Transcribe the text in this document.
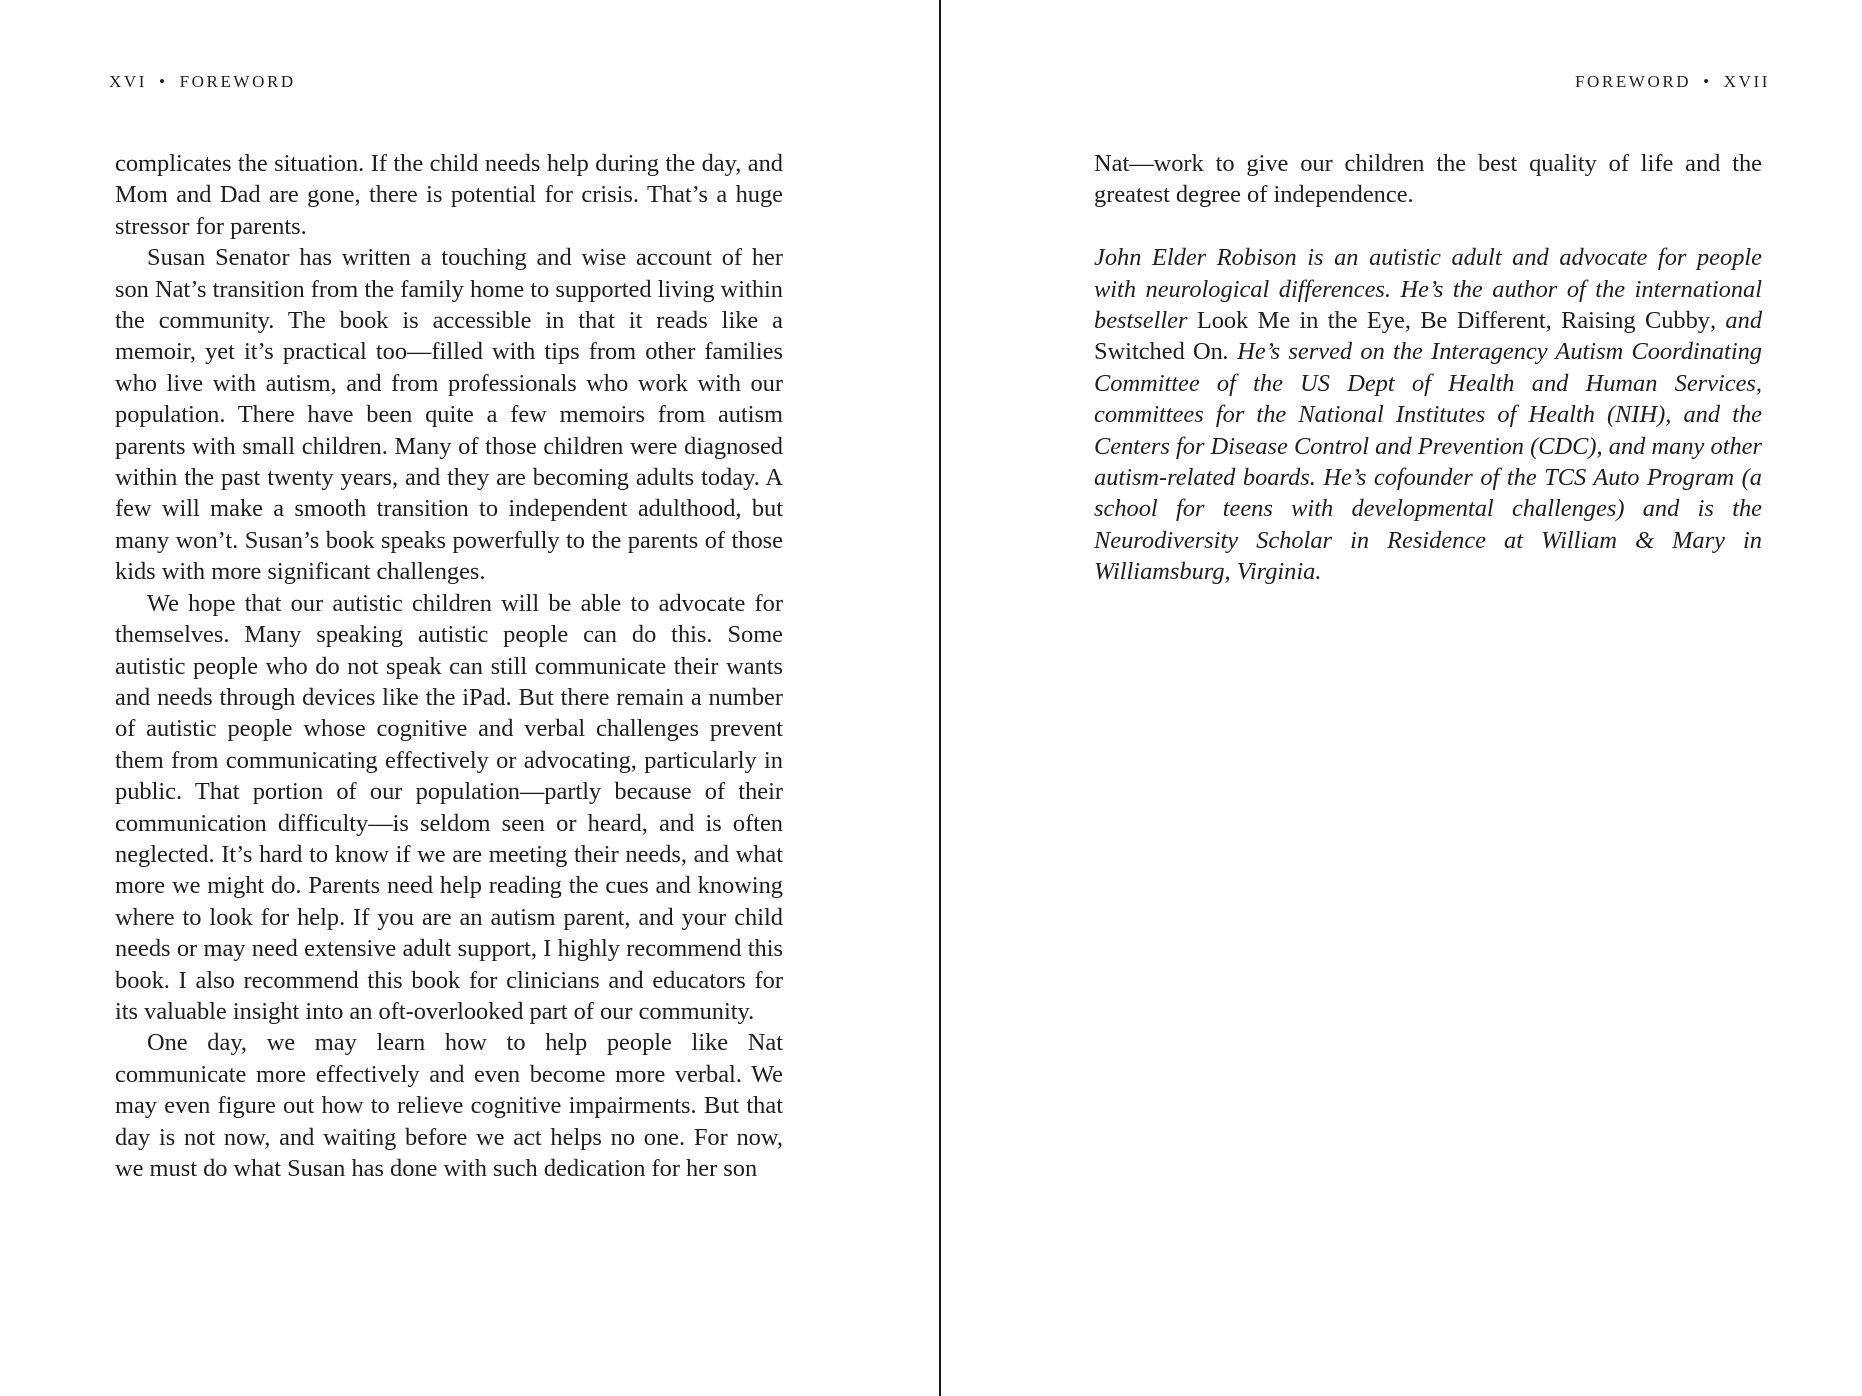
XVI • FOREWORD	FOREWORD • XVII

complicates the situation. If the child needs help during the day, and Mom and Dad are gone, there is potential for crisis. That’s a huge stressor for parents.

Susan Senator has written a touching and wise account of her son Nat’s transition from the family home to supported living within the community. The book is accessible in that it reads like a memoir, yet it’s practical too—filled with tips from other families who live with autism, and from professionals who work with our population. There have been quite a few memoirs from autism parents with small children. Many of those children were diagnosed within the past twenty years, and they are becoming adults today. A few will make a smooth transition to independent adulthood, but many won’t. Susan’s book speaks powerfully to the parents of those kids with more significant challenges.

We hope that our autistic children will be able to advocate for themselves. Many speaking autistic people can do this. Some autistic people who do not speak can still communicate their wants and needs through devices like the iPad. But there remain a number of autistic people whose cognitive and verbal challenges prevent them from communicating effectively or advocating, particularly in public. That portion of our population—partly because of their communication difficulty—is seldom seen or heard, and is often neglected. It’s hard to know if we are meeting their needs, and what more we might do. Parents need help reading the cues and knowing where to look for help. If you are an autism parent, and your child needs or may need extensive adult support, I highly recommend this book. I also recommend this book for clinicians and educators for its valuable insight into an oft-overlooked part of our community.

One day, we may learn how to help people like Nat communicate more effectively and even become more verbal. We may even figure out how to relieve cognitive impairments. But that day is not now, and waiting before we act helps no one. For now, we must do what Susan has done with such dedication for her son

Nat—work to give our children the best quality of life and the greatest degree of independence.

John Elder Robison is an autistic adult and advocate for people with neurological differences. He’s the author of the international bestseller Look Me in the Eye, Be Different, Raising Cubby, and Switched On. He’s served on the Interagency Autism Coordinating Committee of the US Dept of Health and Human Services, committees for the National Institutes of Health (NIH), and the Centers for Disease Control and Prevention (CDC), and many other autism-related boards. He’s cofounder of the TCS Auto Program (a school for teens with developmental challenges) and is the Neurodiversity Scholar in Residence at William & Mary in Williamsburg, Virginia.
